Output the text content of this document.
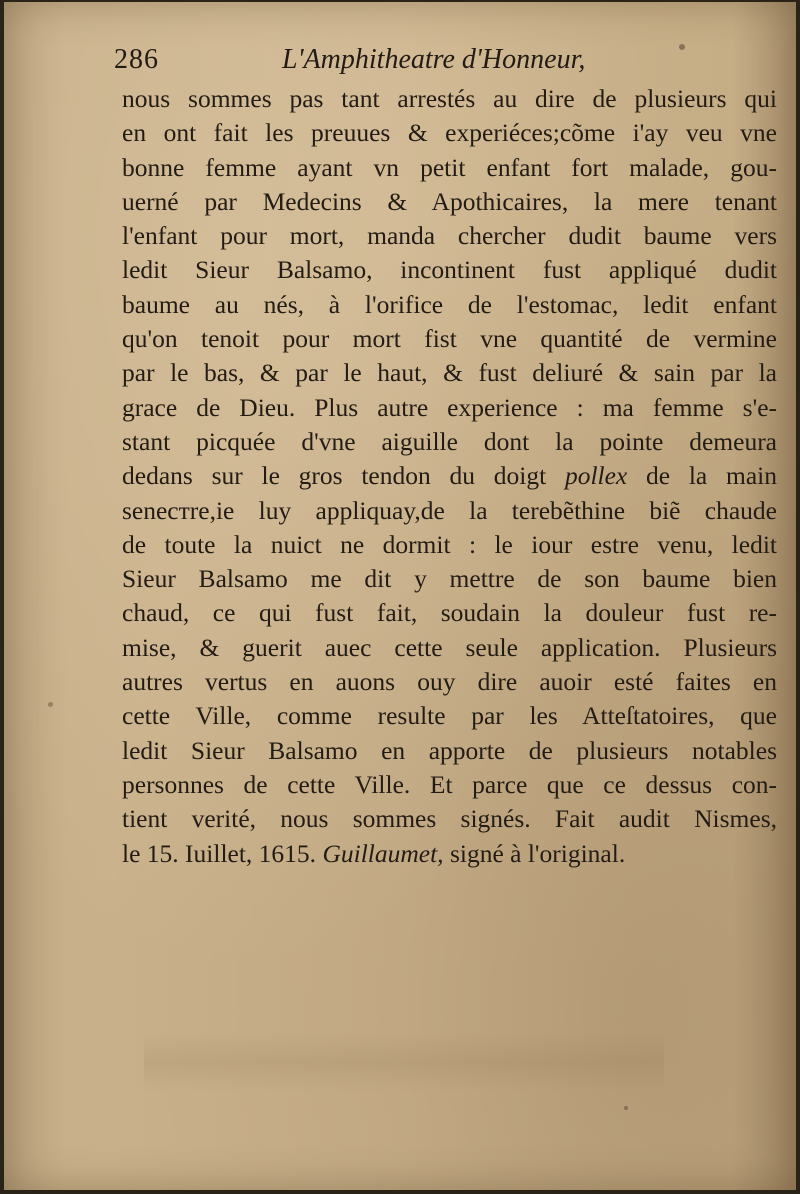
286	L'Amphitheatre d'Honneur,
nous sommes pas tant arrestés au dire de plusieurs qui
en ont fait les preuues & experiéces;cõme i'ay veu vne
bonne femme ayant vn petit enfant fort malade, gou-
uerné par Medecins & Apothicaires, la mere tenant
l'enfant pour mort, manda chercher dudit baume vers
ledit Sieur Balsamo, incontinent fust appliqué dudit
baume au nés, à l'orifice de l'estomac, ledit enfant
qu'on tenoit pour mort fist vne quantité de vermine
par le bas, & par le haut, & fust deliuré & sain par la
grace de Dieu. Plus autre experience : ma femme s'e-
stant picquée d'vne aiguille dont la pointe demeura
dedans sur le gros tendon du doigt pollex de la main
seneстre,ie luy appliquay,de la terebẽthine biẽ chaude
de toute la nuict ne dormit : le iour estre venu, ledit
Sieur Balsamo me dit y mettre de son baume bien
chaud, ce qui fust fait, soudain la douleur fust re-
mise, & guerit auec cette seule application. Plusieurs
autres vertus en auons ouy dire auoir esté faites en
cette Ville, comme resulte par les Atteſtatoires, que
ledit Sieur Balsamo en apporte de plusieurs notables
personnes de cette Ville. Et parce que ce dessus con-
tient verité, nous sommes signés. Fait audit Nismes,
le 15. Iuillet, 1615. Guillaumet, signé à l'original.
